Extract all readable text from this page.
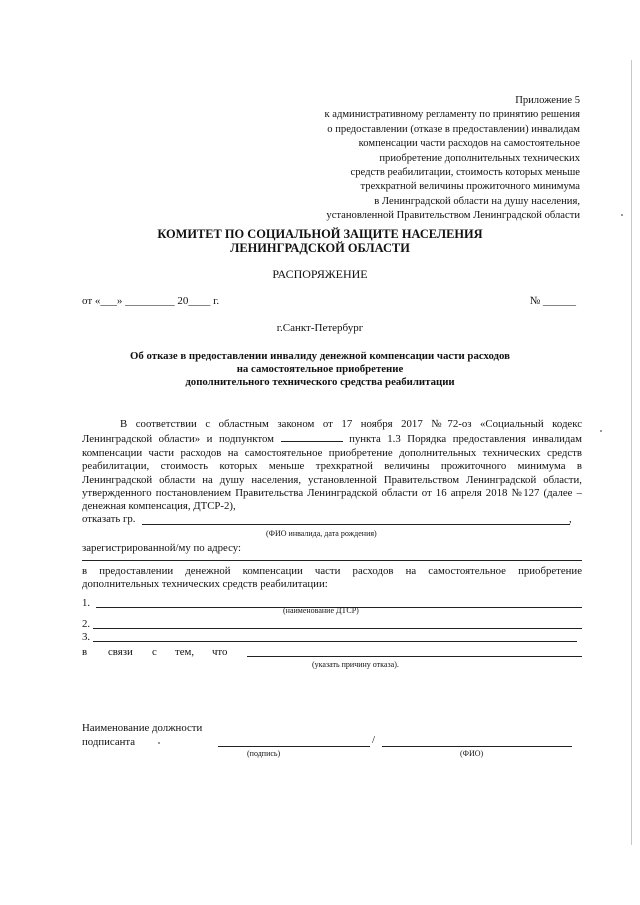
Приложение 5
к административному регламенту по принятию решения
о предоставлении (отказе в предоставлении) инвалидам
компенсации части расходов на самостоятельное
приобретение дополнительных технических
средств реабилитации, стоимость которых меньше
трехкратной величины прожиточного минимума
в Ленинградской области на душу населения,
установленной Правительством Ленинградской области
КОМИТЕТ ПО СОЦИАЛЬНОЙ ЗАЩИТЕ НАСЕЛЕНИЯ
ЛЕНИНГРАДСКОЙ ОБЛАСТИ
РАСПОРЯЖЕНИЕ
от «___» _________ 20____ г.	№ ______
г.Санкт-Петербург
Об отказе в предоставлении инвалиду денежной компенсации части расходов
на самостоятельное приобретение
дополнительного технического средства реабилитации
В соответствии с областным законом от 17 ноября 2017 №72-оз «Социальный кодекс Ленинградской области» и подпунктом	пункта 1.3 Порядка предоставления инвалидам компенсации части расходов на самостоятельное приобретение дополнительных технических средств реабилитации, стоимость которых меньше трехкратной величины прожиточного минимума в Ленинградской области на душу населения, установленной Правительством Ленинградской области, утвержденного постановлением Правительства Ленинградской области от 16 апреля 2018 №127 (далее – денежная компенсация, ДТСР-2),
отказать гр.	,
(ФИО инвалида, дата рождения)
зарегистрированной/му по адресу:
в предоставлении денежной компенсации части расходов на самостоятельное приобретение дополнительных технических средств реабилитации:
1.
(наименование ДТСР)
2.
3.
в связи с тем, что
(указать причину отказа).
Наименование должности
подписанта	/
(подпись)	(ФИО)
